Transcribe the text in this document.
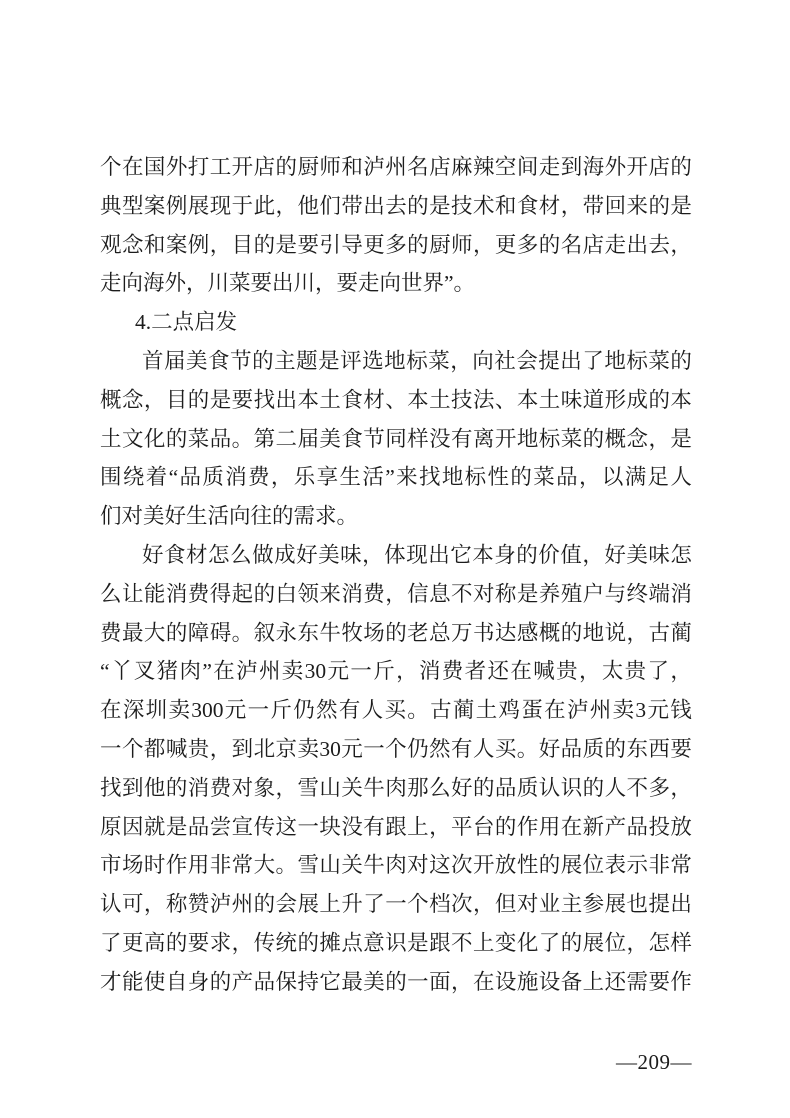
个 在 国 外 打 工 开 店 的 厨 师 和 泸 州 名 店 麻 辣 空 间 走 到 海 外 开 店 的
典 型 案 例 展 现 于 此 ， 他 们 带 出 去 的 是 技 术 和 食 材 ， 带 回 来 的 是
观 念 和 案 例 ， 目 的 是 要 引 导 更 多 的 厨 师 ， 更 多 的 名 店 走 出 去 ，
走向海外，川菜要出川，要走向世界”。
4.二点启发
首 届 美 食 节 的 主 题 是 评 选 地 标 菜 ， 向 社 会 提 出 了 地 标 菜 的
概 念 ， 目 的 是 要 找 出 本 土 食 材 、 本 土 技 法 、 本 土 味 道 形 成 的 本
土 文 化 的 菜 品 。 第 二 届 美 食 节 同 样 没 有 离 开 地 标 菜 的 概 念 ， 是
围 绕 着 “ 品 质 消 费 ， 乐 享 生 活 ” 来 找 地 标 性 的 菜 品 ， 以 满 足 人
们对美好生活向往的需求。
好 食 材 怎 么 做 成 好 美 味 ， 体 现 出 它 本 身 的 价 值 ， 好 美 味 怎
么 让 能 消 费 得 起 的 白 领 来 消 费 ， 信 息 不 对 称 是 养 殖 户 与 终 端 消
费 最 大 的 障 碍 。 叙 永 东 牛 牧 场 的 老 总 万 书 达 感 概 的 地 说 ， 古 蔺
“ 丫 叉 猪 肉 ” 在 泸 州 卖 30 元 一 斤 ， 消 费 者 还 在 喊 贵 ， 太 贵 了 ，
在 深 圳 卖 300 元 一 斤 仍 然 有 人 买 。 古 蔺 土 鸡 蛋 在 泸 州 卖 3 元 钱
一 个 都 喊 贵 ， 到 北 京 卖 30 元 一 个 仍 然 有 人 买 。 好 品 质 的 东 西 要
找 到 他 的 消 费 对 象 ， 雪 山 关 牛 肉 那 么 好 的 品 质 认 识 的 人 不 多 ，
原 因 就 是 品 尝 宣 传 这 一 块 没 有 跟 上 ， 平 台 的 作 用 在 新 产 品 投 放
市 场 时 作 用 非 常 大 。 雪 山 关 牛 肉 对 这 次 开 放 性 的 展 位 表 示 非 常
认 可 ， 称 赞 泸 州 的 会 展 上 升 了 一 个 档 次 ， 但 对 业 主 参 展 也 提 出
了 更 高 的 要 求 ， 传 统 的 摊 点 意 识 是 跟 不 上 变 化 了 的 展 位 ， 怎 样
才 能 使 自 身 的 产 品 保 持 它 最 美 的 一 面 ， 在 设 施 设 备 上 还 需 要 作
—209—
